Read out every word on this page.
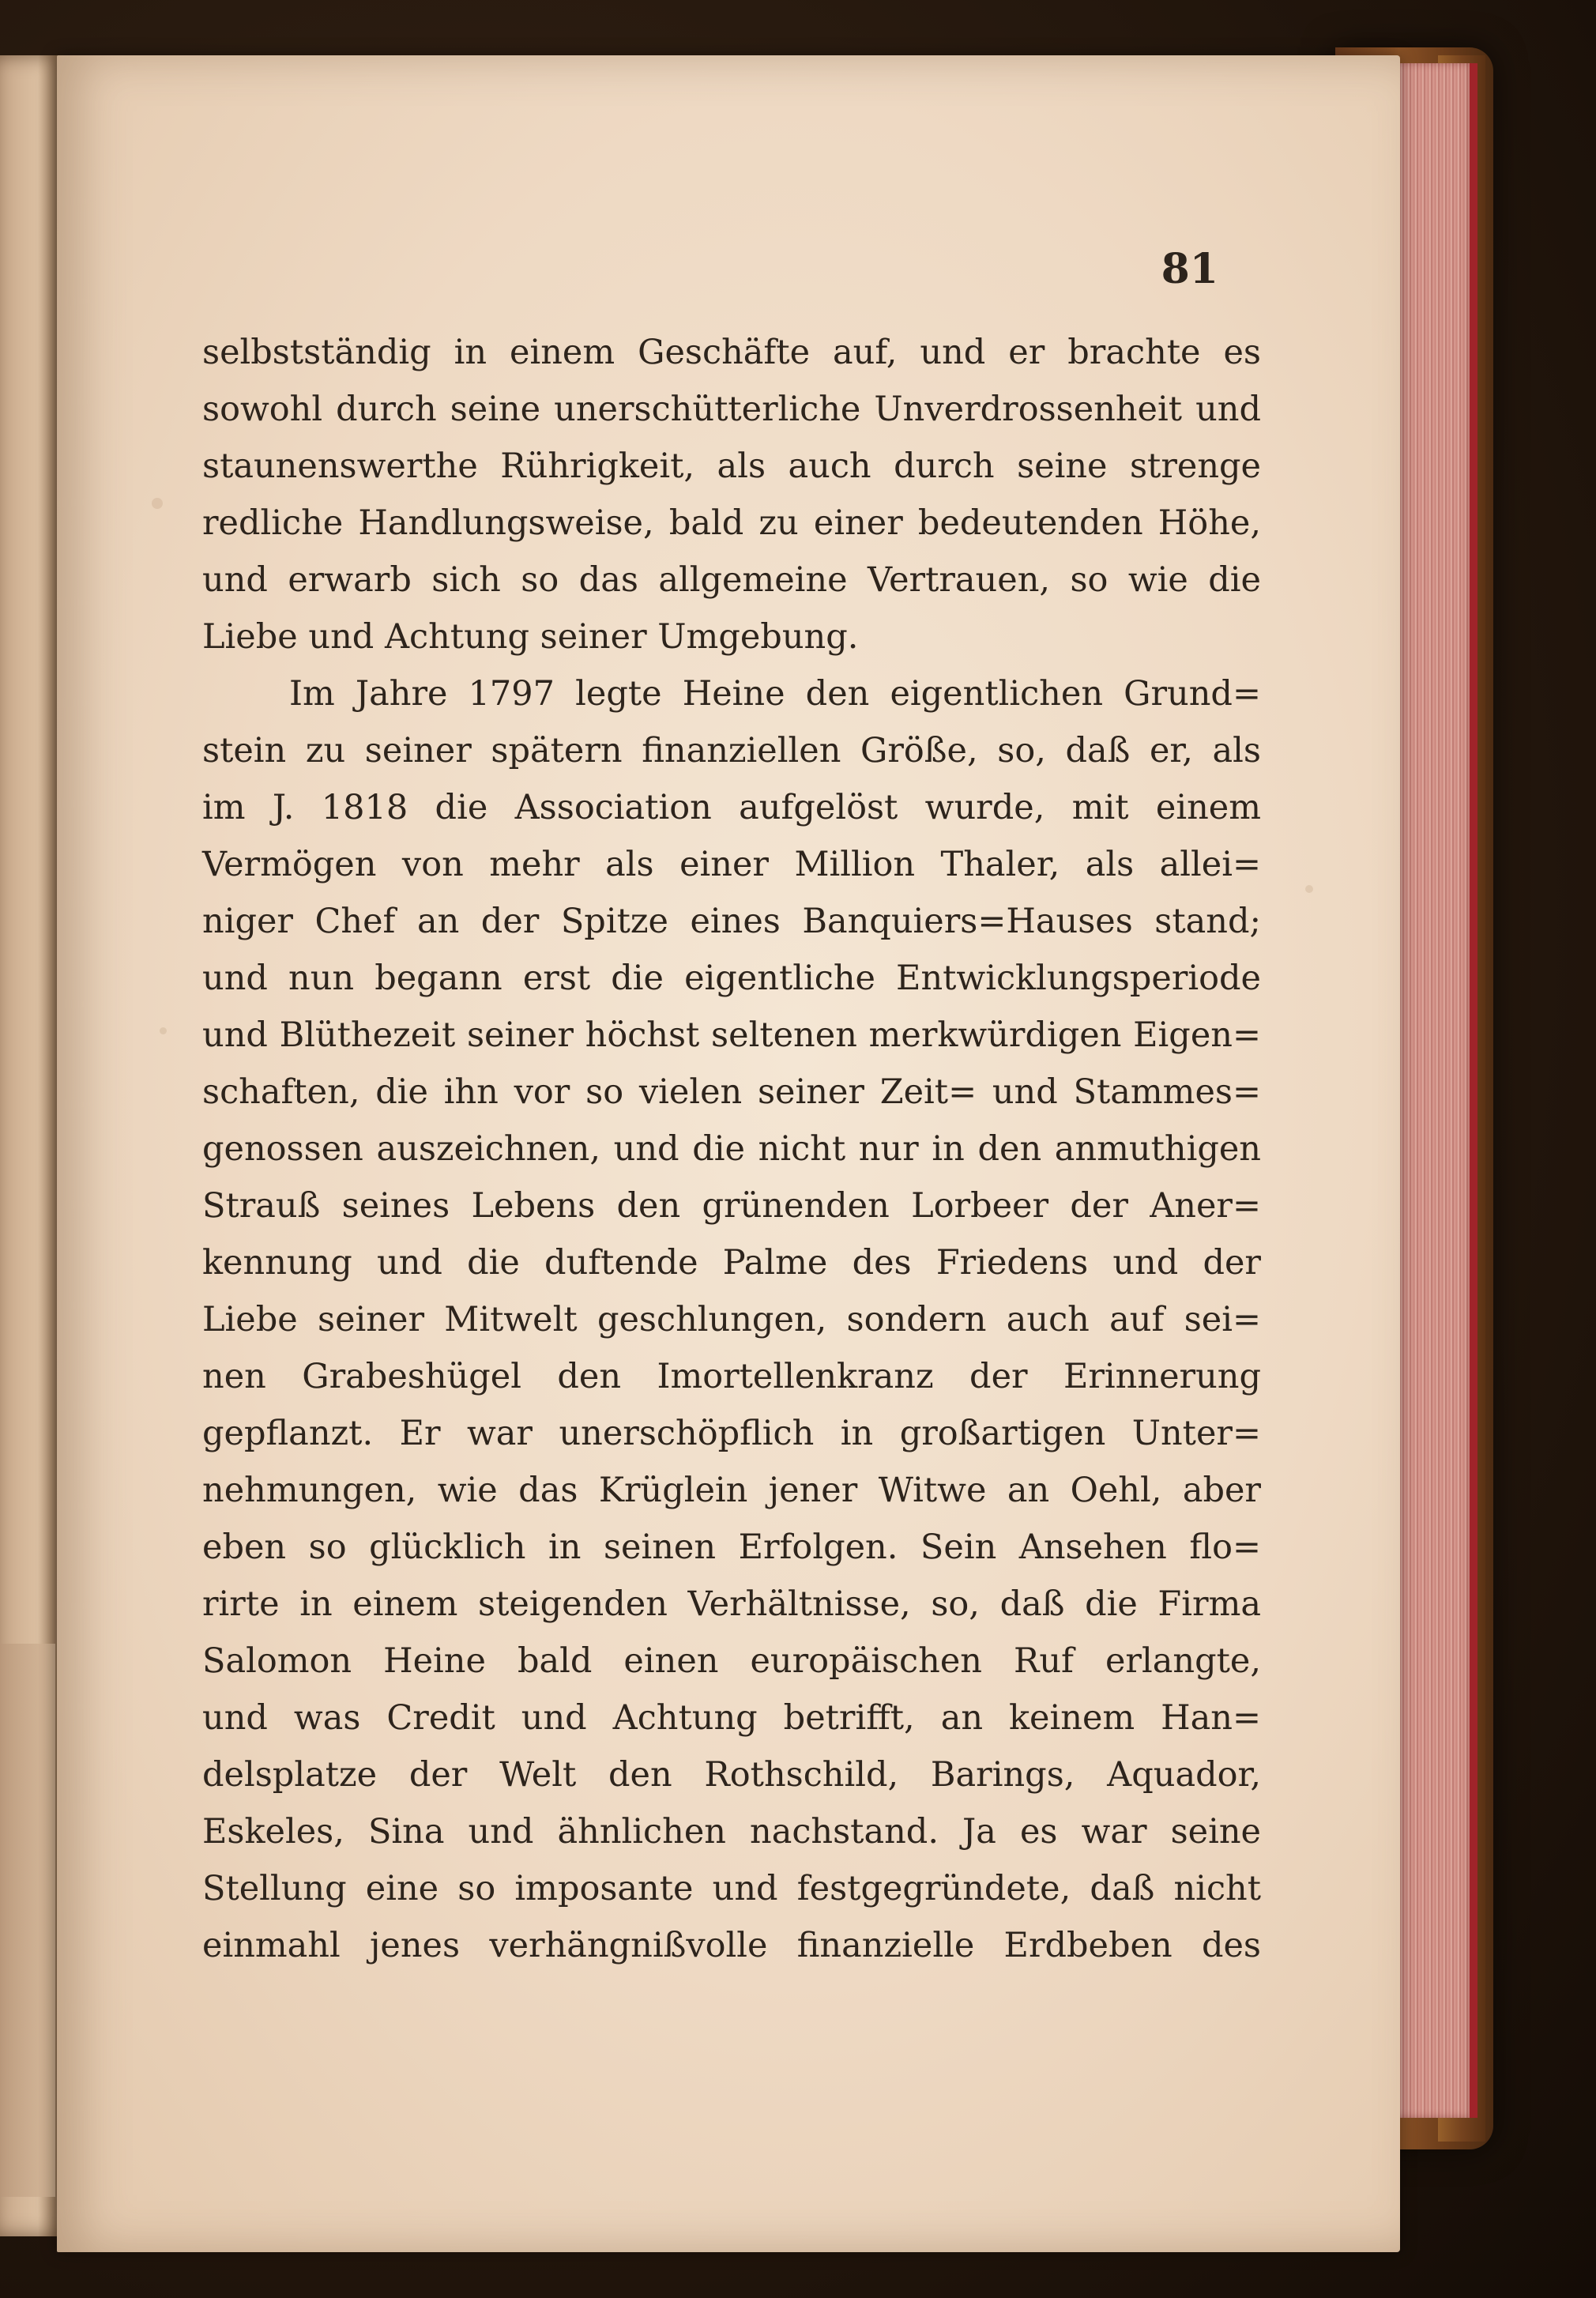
81

selbstständig in einem Geschäfte auf, und er brachte es
sowohl durch seine unerschütterliche Unverdrossenheit und
staunenswerthe Rührigkeit, als auch durch seine strenge
redliche Handlungsweise, bald zu einer bedeutenden Höhe,
und erwarb sich so das allgemeine Vertrauen, so wie die
Liebe und Achtung seiner Umgebung.
Im Jahre 1797 legte Heine den eigentlichen Grund=
stein zu seiner spätern finanziellen Größe, so, daß er, als
im J. 1818 die Association aufgelöst wurde, mit einem
Vermögen von mehr als einer Million Thaler, als allei=
niger Chef an der Spitze eines Banquiers=Hauses stand;
und nun begann erst die eigentliche Entwicklungsperiode
und Blüthezeit seiner höchst seltenen merkwürdigen Eigen=
schaften, die ihn vor so vielen seiner Zeit= und Stammes=
genossen auszeichnen, und die nicht nur in den anmuthigen
Strauß seines Lebens den grünenden Lorbeer der Aner=
kennung und die duftende Palme des Friedens und der
Liebe seiner Mitwelt geschlungen, sondern auch auf sei=
nen Grabeshügel den Imortellenkranz der Erinnerung
gepflanzt. Er war unerschöpflich in großartigen Unter=
nehmungen, wie das Krüglein jener Witwe an Oehl, aber
eben so glücklich in seinen Erfolgen. Sein Ansehen flo=
rirte in einem steigenden Verhältnisse, so, daß die Firma
Salomon Heine bald einen europäischen Ruf erlangte,
und was Credit und Achtung betrifft, an keinem Han=
delsplatze der Welt den Rothschild, Barings, Aquador,
Eskeles, Sina und ähnlichen nachstand. Ja es war seine
Stellung eine so imposante und festgegründete, daß nicht
einmahl jenes verhängnißvolle finanzielle Erdbeben des
